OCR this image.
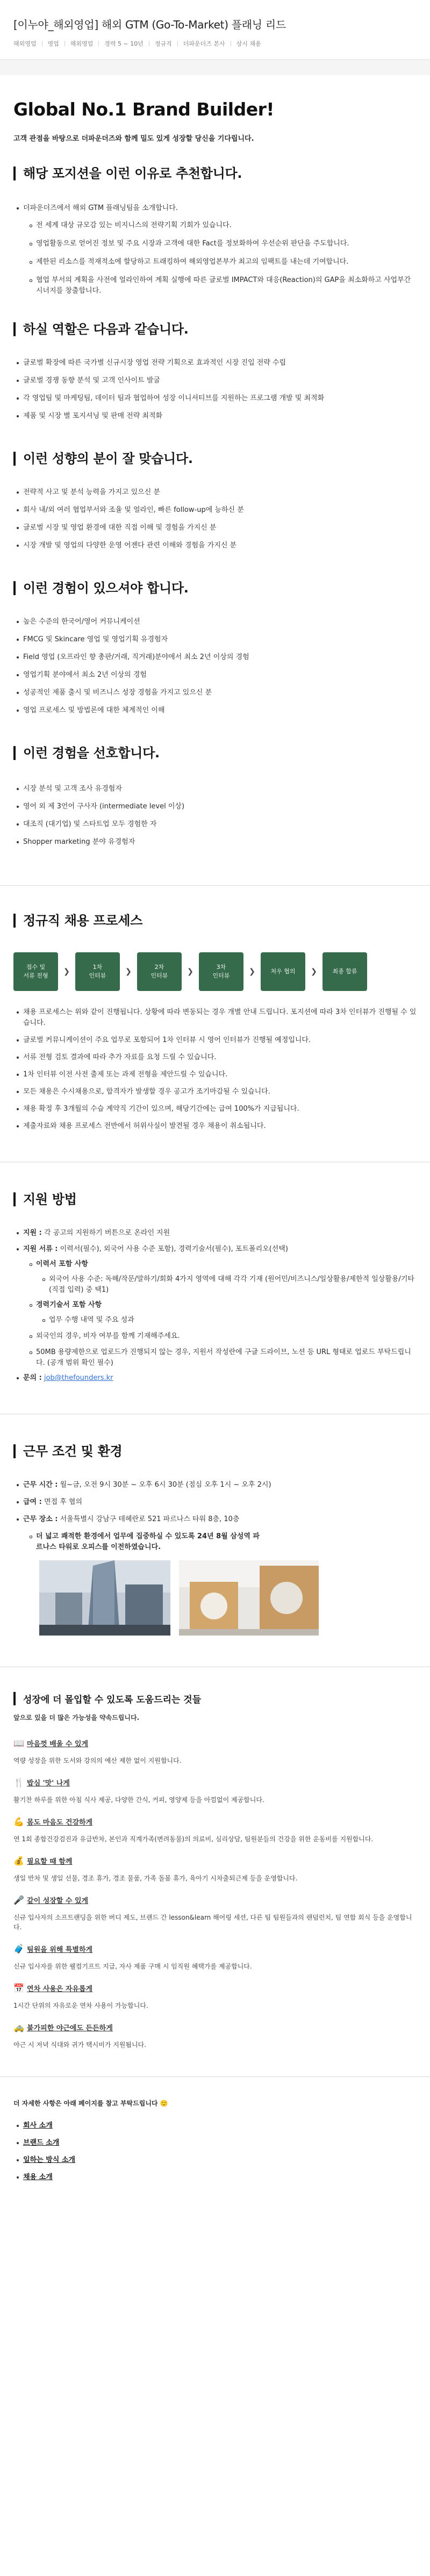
[이누야_해외영업] 해외 GTM (Go-To-Market) 플래닝 리드
해외영업 영업 해외영업 경력 5 ~ 10년 정규직 더파운더즈 본사 상시 채용
Global No.1 Brand Builder!

고객 관점을 바탕으로 더파운더즈와 함께 밀도 있게 성장할 당신을 기다립니다.

해당 포지션을 이런 이유로 추천합니다.
더파운더즈에서 해외 GTM 플래닝팀을 소개합니다.
전 세계 대상 규모감 있는 비지니스의 전략기획 기회가 있습니다.
영업활동으로 얻어진 정보 및 주요 시장과 고객에 대한 Fact를 정보화하여 우선순위 판단을 주도합니다.
제한된 리소스를 적재적소에 할당하고 트래킹하여 해외영업본부가 최고의 임팩트를 내는데 기여합니다.
협업 부서의 계획을 사전에 얼라인하여 계획 실행에 따른 글로벌 IMPACT와 대응(Reaction)의 GAP을 최소화하고 사업부간 시너지를 창출합니다.
하실 역할은 다음과 같습니다.
글로벌 확장에 따른 국가별 신규시장 영업 전략 기획으로 효과적인 시장 진입 전략 수립
글로벌 경쟁 동향 분석 및 고객 인사이트 발굴
각 영업팀 및 마케팅팀, 데이터 팀과 협업하여 성장 이니셔티브를 지원하는 프로그램 개발 및 최적화
제품 및 시장 별 포지셔닝 및 판매 전략 최적화
이런 성향의 분이 잘 맞습니다.
전략적 사고 및 분석 능력을 가지고 있으신 분
회사 내/외 여러 협업부서와 조율 및 얼라인, 빠른 follow-up에 능하신 분
글로벌 시장 및 영업 환경에 대한 직접 이해 및 경험을 가지신 분
시장 개발 및 영업의 다양한 운영 어젠다 관련 이해와 경험을 가지신 분
이런 경험이 있으셔야 합니다.
높은 수준의 한국어/영어 커뮤니케이션
FMCG 및 Skincare 영업 및 영업기획 유경험자
Field 영업 (오프라인 향 총판/거래, 직거래)분야에서 최소 2년 이상의 경험
영업기획 분야에서 최소 2년 이상의 경험
성공적인 제품 출시 및 비즈니스 성장 경험을 가지고 있으신 분
영업 프로세스 및 방법론에 대한 체계적인 이해
이런 경험을 선호합니다.
시장 분석 및 고객 조사 유경험자
영어 외 제 3언어 구사자 (intermediate level 이상)
대조직 (대기업) 및 스타트업 모두 경험한 자
Shopper marketing 분야 유경험자
정규직 채용 프로세스
접수 및
서류 전형	❯
1차
인터뷰	❯
2차
인터뷰	❯
3차
인터뷰	❯	처우 협의	❯	최종 합류
채용 프로세스는 위와 같이 진행됩니다. 상황에 따라 변동되는 경우 개별 안내 드립니다. 포지션에 따라 3차 인터뷰가 진행될 수 있습니다.
글로벌 커뮤니케이션이 주요 업무로 포함되어 1차 인터뷰 시 영어 인터뷰가 진행될 예정입니다.
서류 전형 검토 결과에 따라 추가 자료를 요청 드릴 수 있습니다.
1차 인터뷰 이전 사전 출제 또는 과제 전형을 제안드릴 수 있습니다.
모든 채용은 수시채용으로, 합격자가 발생할 경우 공고가 조기마감될 수 있습니다.
채용 확정 후 3개월의 수습 계약직 기간이 있으며, 해당기간에는 급여 100%가 지급됩니다.
제출자료와 채용 프로세스 전반에서 허위사실이 발견될 경우 채용이 취소됩니다.
지원 방법
지원 : 각 공고의 지원하기 버튼으로 온라인 지원
지원 서류 : 이력서(필수), 외국어 사용 수준 포함), 경력기술서(필수), 포트폴리오(선택)
이력서 포함 사항
외국어 사용 수준: 독해/작문/말하기/회화 4가지 영역에 대해 각각 기재 (원어민/비즈니스/일상활용/제한적 일상활용/기타(직접 입력) 중 택1)
경력기술서 포함 사항
업무 수행 내역 및 주요 성과
외국인의 경우, 비자 여부를 함께 기재해주세요.
50MB 용량제한으로 업로드가 진행되지 않는 경우, 지원서 작성란에 구글 드라이브, 노션 등 URL 형태로 업로드 부탁드립니다. (공개 범위 확인 필수)
문의 : job@thefounders.kr
근무 조건 및 환경
근무 시간 : 월~금, 오전 9시 30분 ~ 오후 6시 30분 (점심 오후 1시 ~ 오후 2시)
급여 : 면접 후 협의
근무 장소 : 서울특별시 강남구 테헤란로 521 파르나스 타워 8층, 10층
더 넓고 쾌적한 환경에서 업무에 집중하실 수 있도록 24년 8월 삼성역 파르나스 타워로 오피스를 이전하였습니다.
성장에 더 몰입할 수 있도록 도움드리는 것들

앞으로 있을 더 많은 가능성을 약속드립니다.

📖 마음껏 배울 수 있게
역량 성장을 위한 도서와 강의의 예산 제한 없이 지원합니다.
🍴 밥심 '맛' 나게
활기찬 하루를 위한 아침 식사 제공, 다양한 간식, 커피, 영양제 등을 아낌없이 제공합니다.
💪 몸도 마음도 건강하게
연 1회 종합건강검진과 유급반차, 본인과 직계가족(변려동물)의 의료비, 심리상담, 팀원분들의 건강을 위한 운동비를 지원합니다.
💰 필요할 때 함께
생일 반차 및 생일 선물, 경조 휴가, 경조 물품, 가족 돌봄 휴가, 육아기 시차출퇴근제 등을 운영합니다.
🎤 같이 성장할 수 있게
신규 입사자의 소프트랜딩을 위한 버디 제도, 브랜드 간 lesson&learn 해어링 세션, 다른 팀 팀원들과의 랜덤런치, 팀 연합 회식 등을 운영합니다.
🧳 팀원을 위해 특별하게
신규 입사자를 위한 웰컴기프트 지급, 자사 제품 구매 시 임직원 혜택가를 제공합니다.
📅 연차 사용은 자유롭게
1시간 단위의 자유로운 연차 사용이 가능합니다.
🚕 불가피한 야근에도 든든하게
야근 시 저녁 식대와 귀가 택시비가 지원됩니다.

더 자세한 사항은 아래 페이지를 참고 부탁드립니다 🙂

회사 소개
브랜드 소개
일하는 방식 소개
채용 소개
